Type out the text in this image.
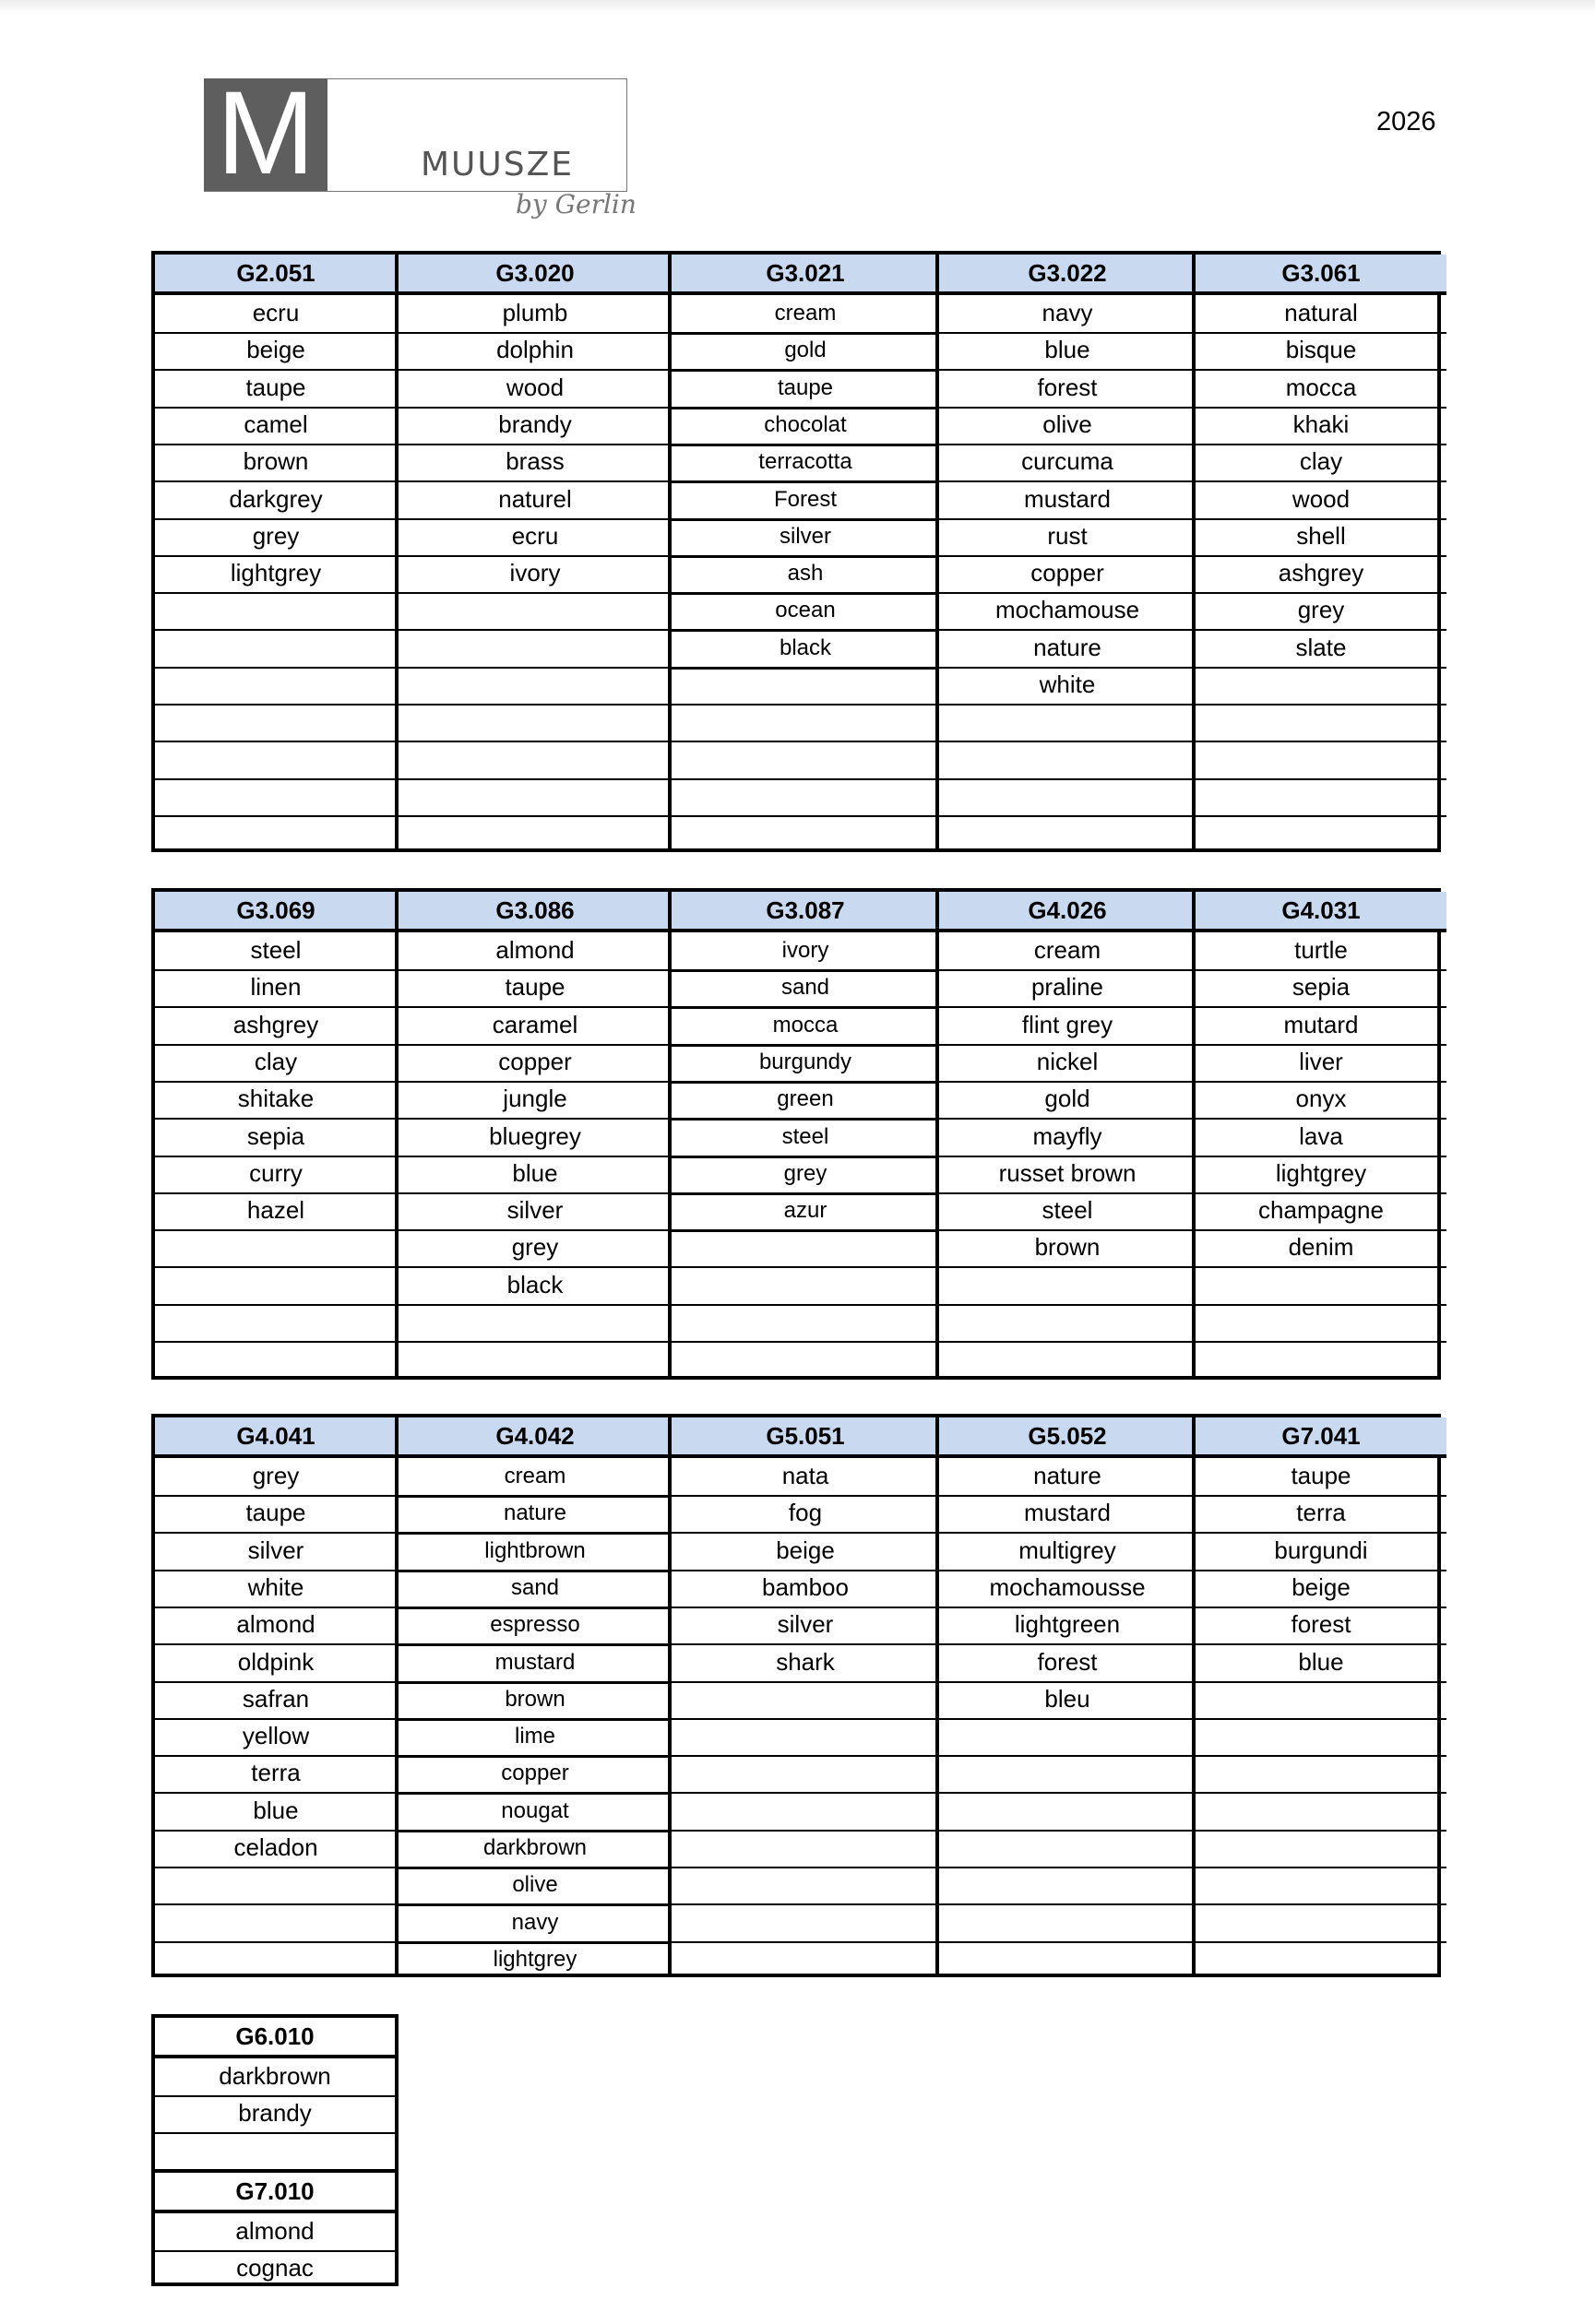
M	MUUSZE
by Gerlin
2026
G2.051
ecru
beige
taupe
camel
brown
darkgrey
grey
lightgrey
G3.020
plumb
dolphin
wood
brandy
brass
naturel
ecru
ivory
G3.021
cream
gold
taupe
chocolat
terracotta
Forest
silver
ash
ocean
black
G3.022
navy
blue
forest
olive
curcuma
mustard
rust
copper
mochamouse
nature
white
G3.061
natural
bisque
mocca
khaki
clay
wood
shell
ashgrey
grey
slate
G3.069
steel
linen
ashgrey
clay
shitake
sepia
curry
hazel
G3.086
almond
taupe
caramel
copper
jungle
bluegrey
blue
silver
grey
black
G3.087
ivory
sand
mocca
burgundy
green
steel
grey
azur
G4.026
cream
praline
flint grey
nickel
gold
mayfly
russet brown
steel
brown
G4.031
turtle
sepia
mutard
liver
onyx
lava
lightgrey
champagne
denim
G4.041
grey
taupe
silver
white
almond
oldpink
safran
yellow
terra
blue
celadon
G4.042
cream
nature
lightbrown
sand
espresso
mustard
brown
lime
copper
nougat
darkbrown
olive
navy
lightgrey
G5.051
nata
fog
beige
bamboo
silver
shark
G5.052
nature
mustard
multigrey
mochamousse
lightgreen
forest
bleu
G7.041
taupe
terra
burgundi
beige
forest
blue
G6.010
darkbrown
brandy
G7.010
almond
cognac
